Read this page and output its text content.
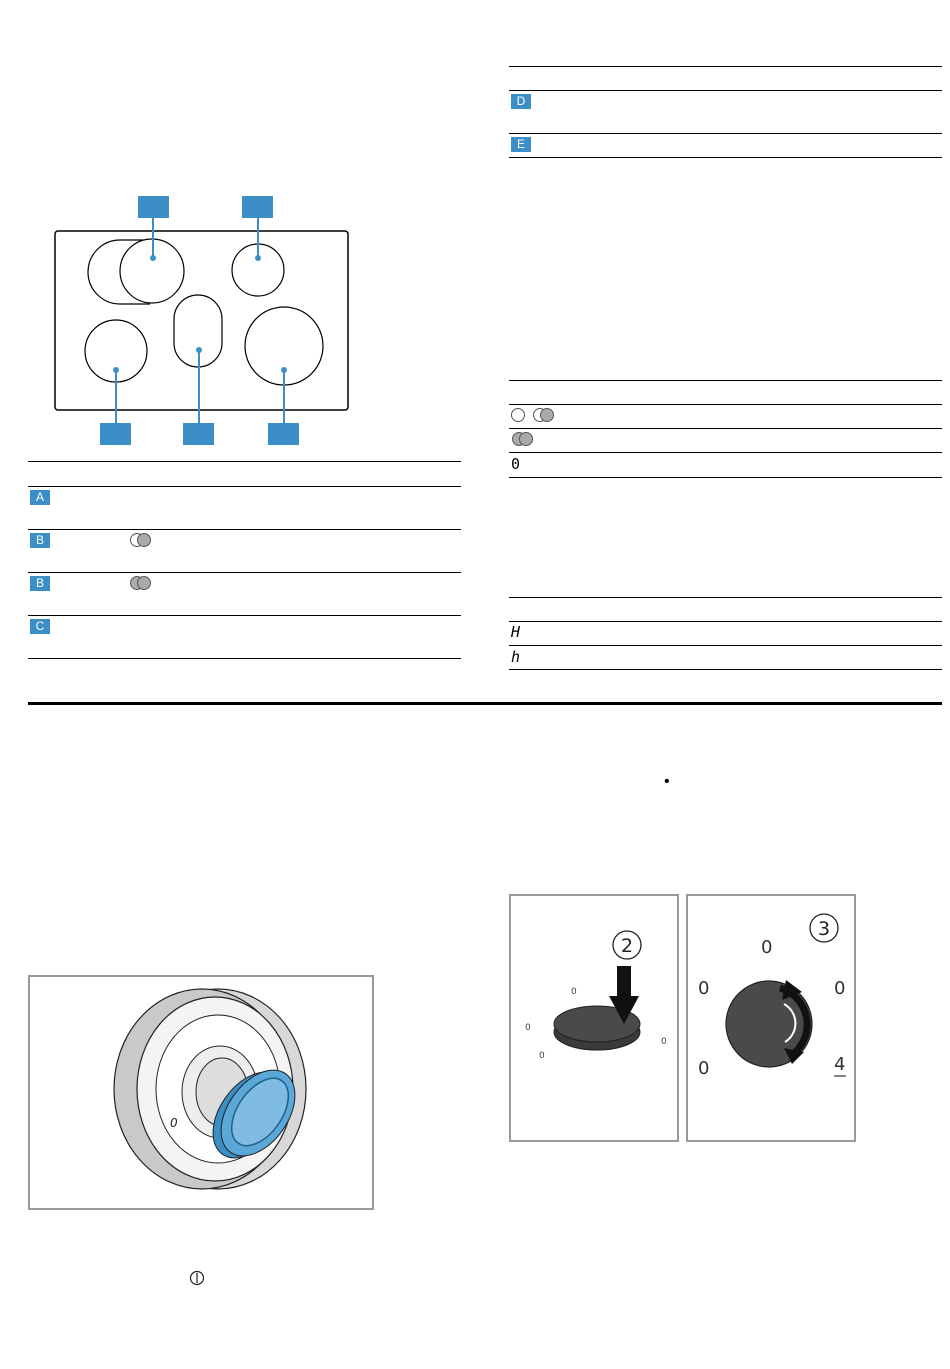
A
B
B
C
D
E
0
H
h
•
0
2
0
0
0
0
3
0
0	0
0	4
